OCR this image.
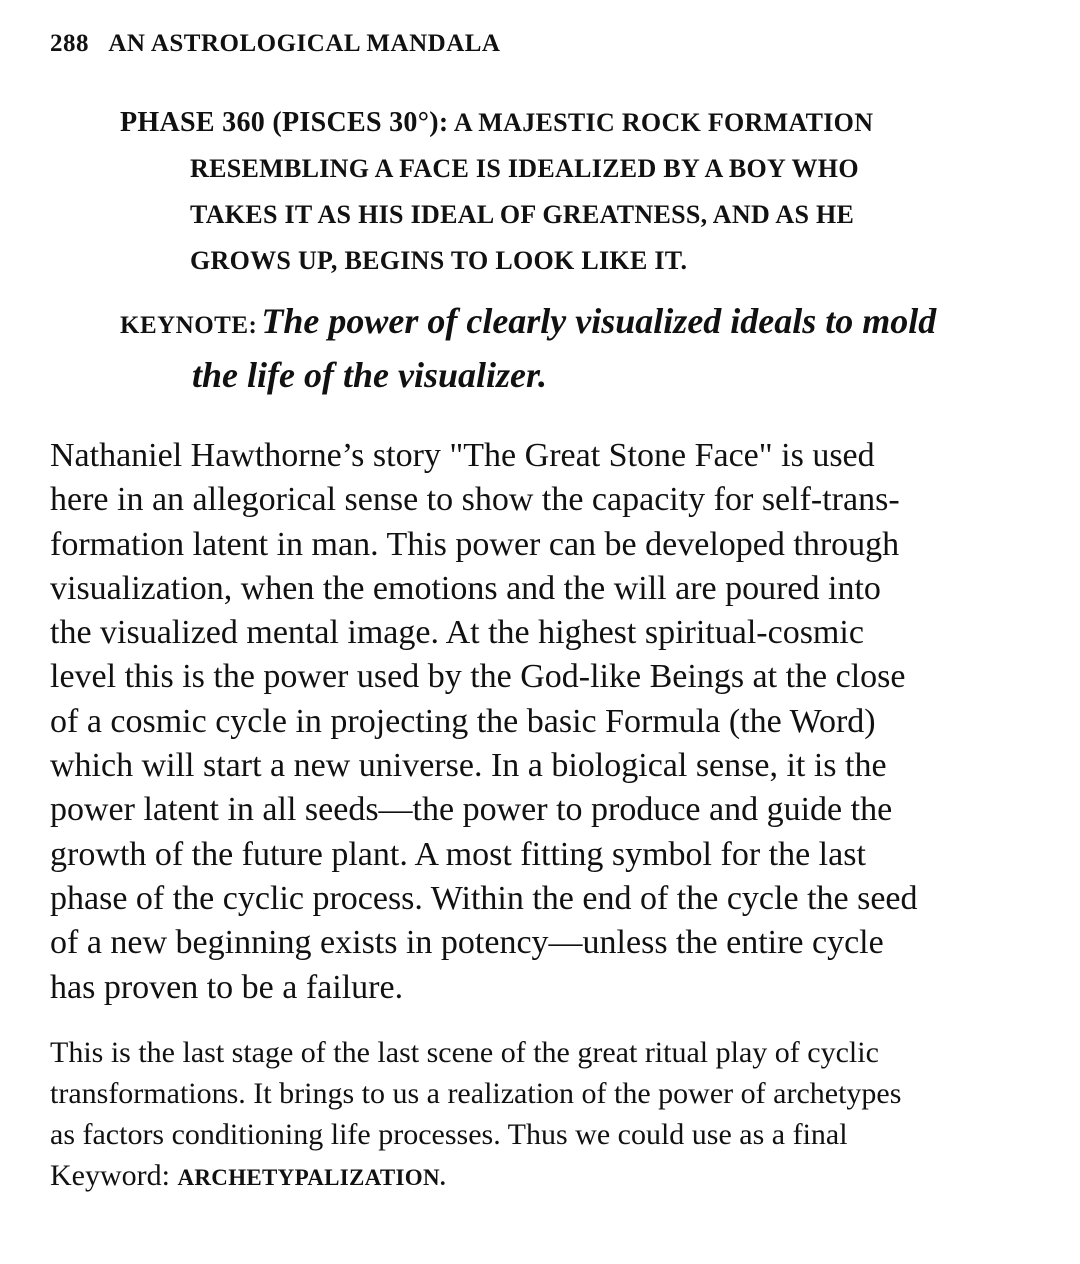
288 AN ASTROLOGICAL MANDALA
PHASE 360 (PISCES 30°): A MAJESTIC ROCK FORMATION
RESEMBLING A FACE IS IDEALIZED BY A BOY WHO
TAKES IT AS HIS IDEAL OF GREATNESS, AND AS HE
GROWS UP, BEGINS TO LOOK LIKE IT.
KEYNOTE: The power of clearly visualized ideals to mold
the life of the visualizer.
Nathaniel Hawthorne’s story "The Great Stone Face" is used
here in an allegorical sense to show the capacity for self-trans-
formation latent in man. This power can be developed through
visualization, when the emotions and the will are poured into
the visualized mental image. At the highest spiritual-cosmic
level this is the power used by the God-like Beings at the close
of a cosmic cycle in projecting the basic Formula (the Word)
which will start a new universe. In a biological sense, it is the
power latent in all seeds—the power to produce and guide the
growth of the future plant. A most fitting symbol for the last
phase of the cyclic process. Within the end of the cycle the seed
of a new beginning exists in potency—unless the entire cycle
has proven to be a failure.
This is the last stage of the last scene of the great ritual play of cyclic
transformations. It brings to us a realization of the power of archetypes
as factors conditioning life processes. Thus we could use as a final
Keyword: ARCHETYPALIZATION.
